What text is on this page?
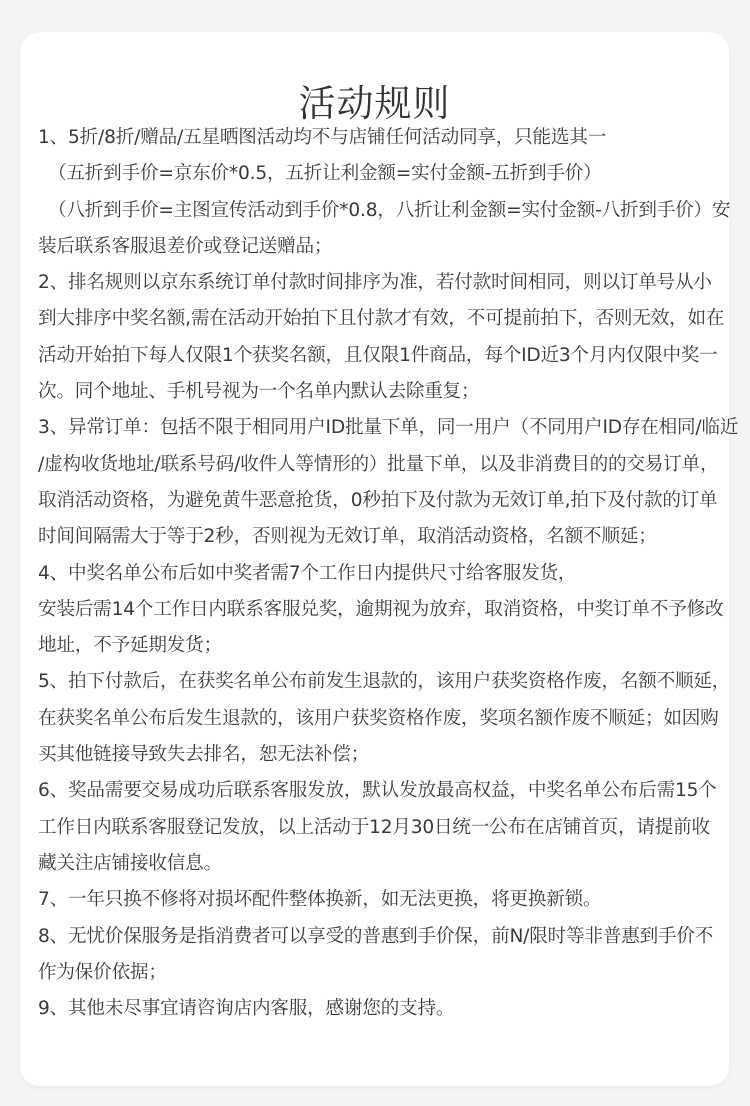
活动规则
1、5折/8折/赠品/五星晒图活动均不与店铺任何活动同享，只能选其一
（五折到手价=京东价*0.5，五折让利金额=实付金额-五折到手价）
（八折到手价=主图宣传活动到手价*0.8，八折让利金额=实付金额-八折到手价）安
装后联系客服退差价或登记送赠品；
2、排名规则以京东系统订单付款时间排序为准，若付款时间相同，则以订单号从小
到大排序中奖名额,需在活动开始拍下且付款才有效，不可提前拍下，否则无效，如在
活动开始拍下每人仅限1个获奖名额，且仅限1件商品，每个ID近3个月内仅限中奖一
次。同个地址、手机号视为一个名单内默认去除重复；
3、异常订单：包括不限于相同用户ID批量下单，同一用户（不同用户ID存在相同/临近
/虚构收货地址/联系号码/收件人等情形的）批量下单，以及非消费目的的交易订单，
取消活动资格，为避免黄牛恶意抢货，0秒拍下及付款为无效订单,拍下及付款的订单
时间间隔需大于等于2秒，否则视为无效订单，取消活动资格，名额不顺延；
4、中奖名单公布后如中奖者需7个工作日内提供尺寸给客服发货，
安装后需14个工作日内联系客服兑奖，逾期视为放弃，取消资格，中奖订单不予修改
地址，不予延期发货；
5、拍下付款后，在获奖名单公布前发生退款的，该用户获奖资格作废，名额不顺延，
在获奖名单公布后发生退款的，该用户获奖资格作废，奖项名额作废不顺延；如因购
买其他链接导致失去排名，恕无法补偿；
6、奖品需要交易成功后联系客服发放，默认发放最高权益，中奖名单公布后需15个
工作日内联系客服登记发放，以上活动于12月30日统一公布在店铺首页，请提前收
藏关注店铺接收信息。
7、一年只换不修将对损坏配件整体换新，如无法更换，将更换新锁。
8、无忧价保服务是指消费者可以享受的普惠到手价保，前N/限时等非普惠到手价不
作为保价依据；
9、其他未尽事宜请咨询店内客服，感谢您的支持。
